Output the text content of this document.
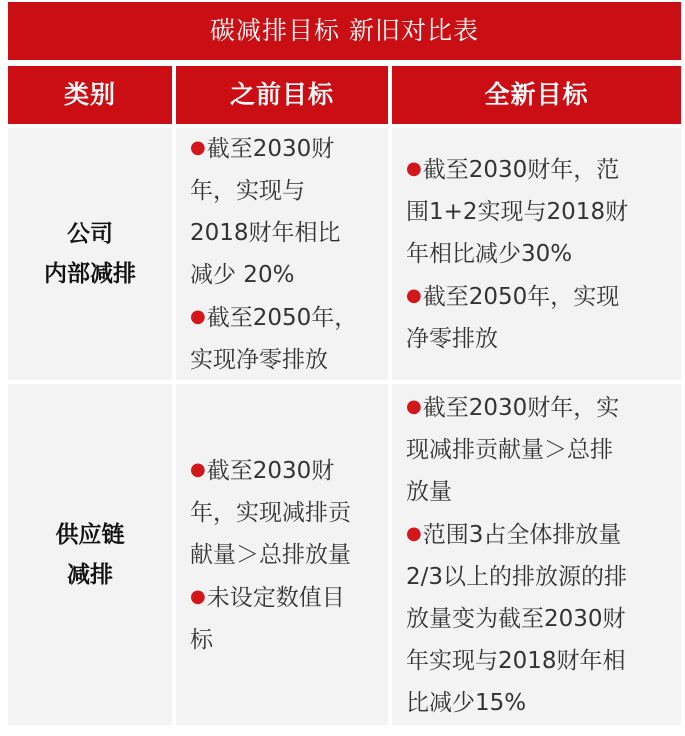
碳减排目标 新旧对比表
类别	之前目标	全新目标
公司
内部减排

●截至2030财
年，实现与
2018财年相比
减少 20%

●截至2050年，
实现净零排放

●截至2030财年，范
围1+2实现与2018财
年相比减少30%

●截至2050年，实现
净零排放

供应链
减排

●截至2030财
年，实现减排贡
献量＞总排放量

●未设定数值目
标

●截至2030财年，实
现减排贡献量＞总排
放量

●范围3占全体排放量
2/3以上的排放源的排
放量变为截至2030财
年实现与2018财年相
比减少15%
